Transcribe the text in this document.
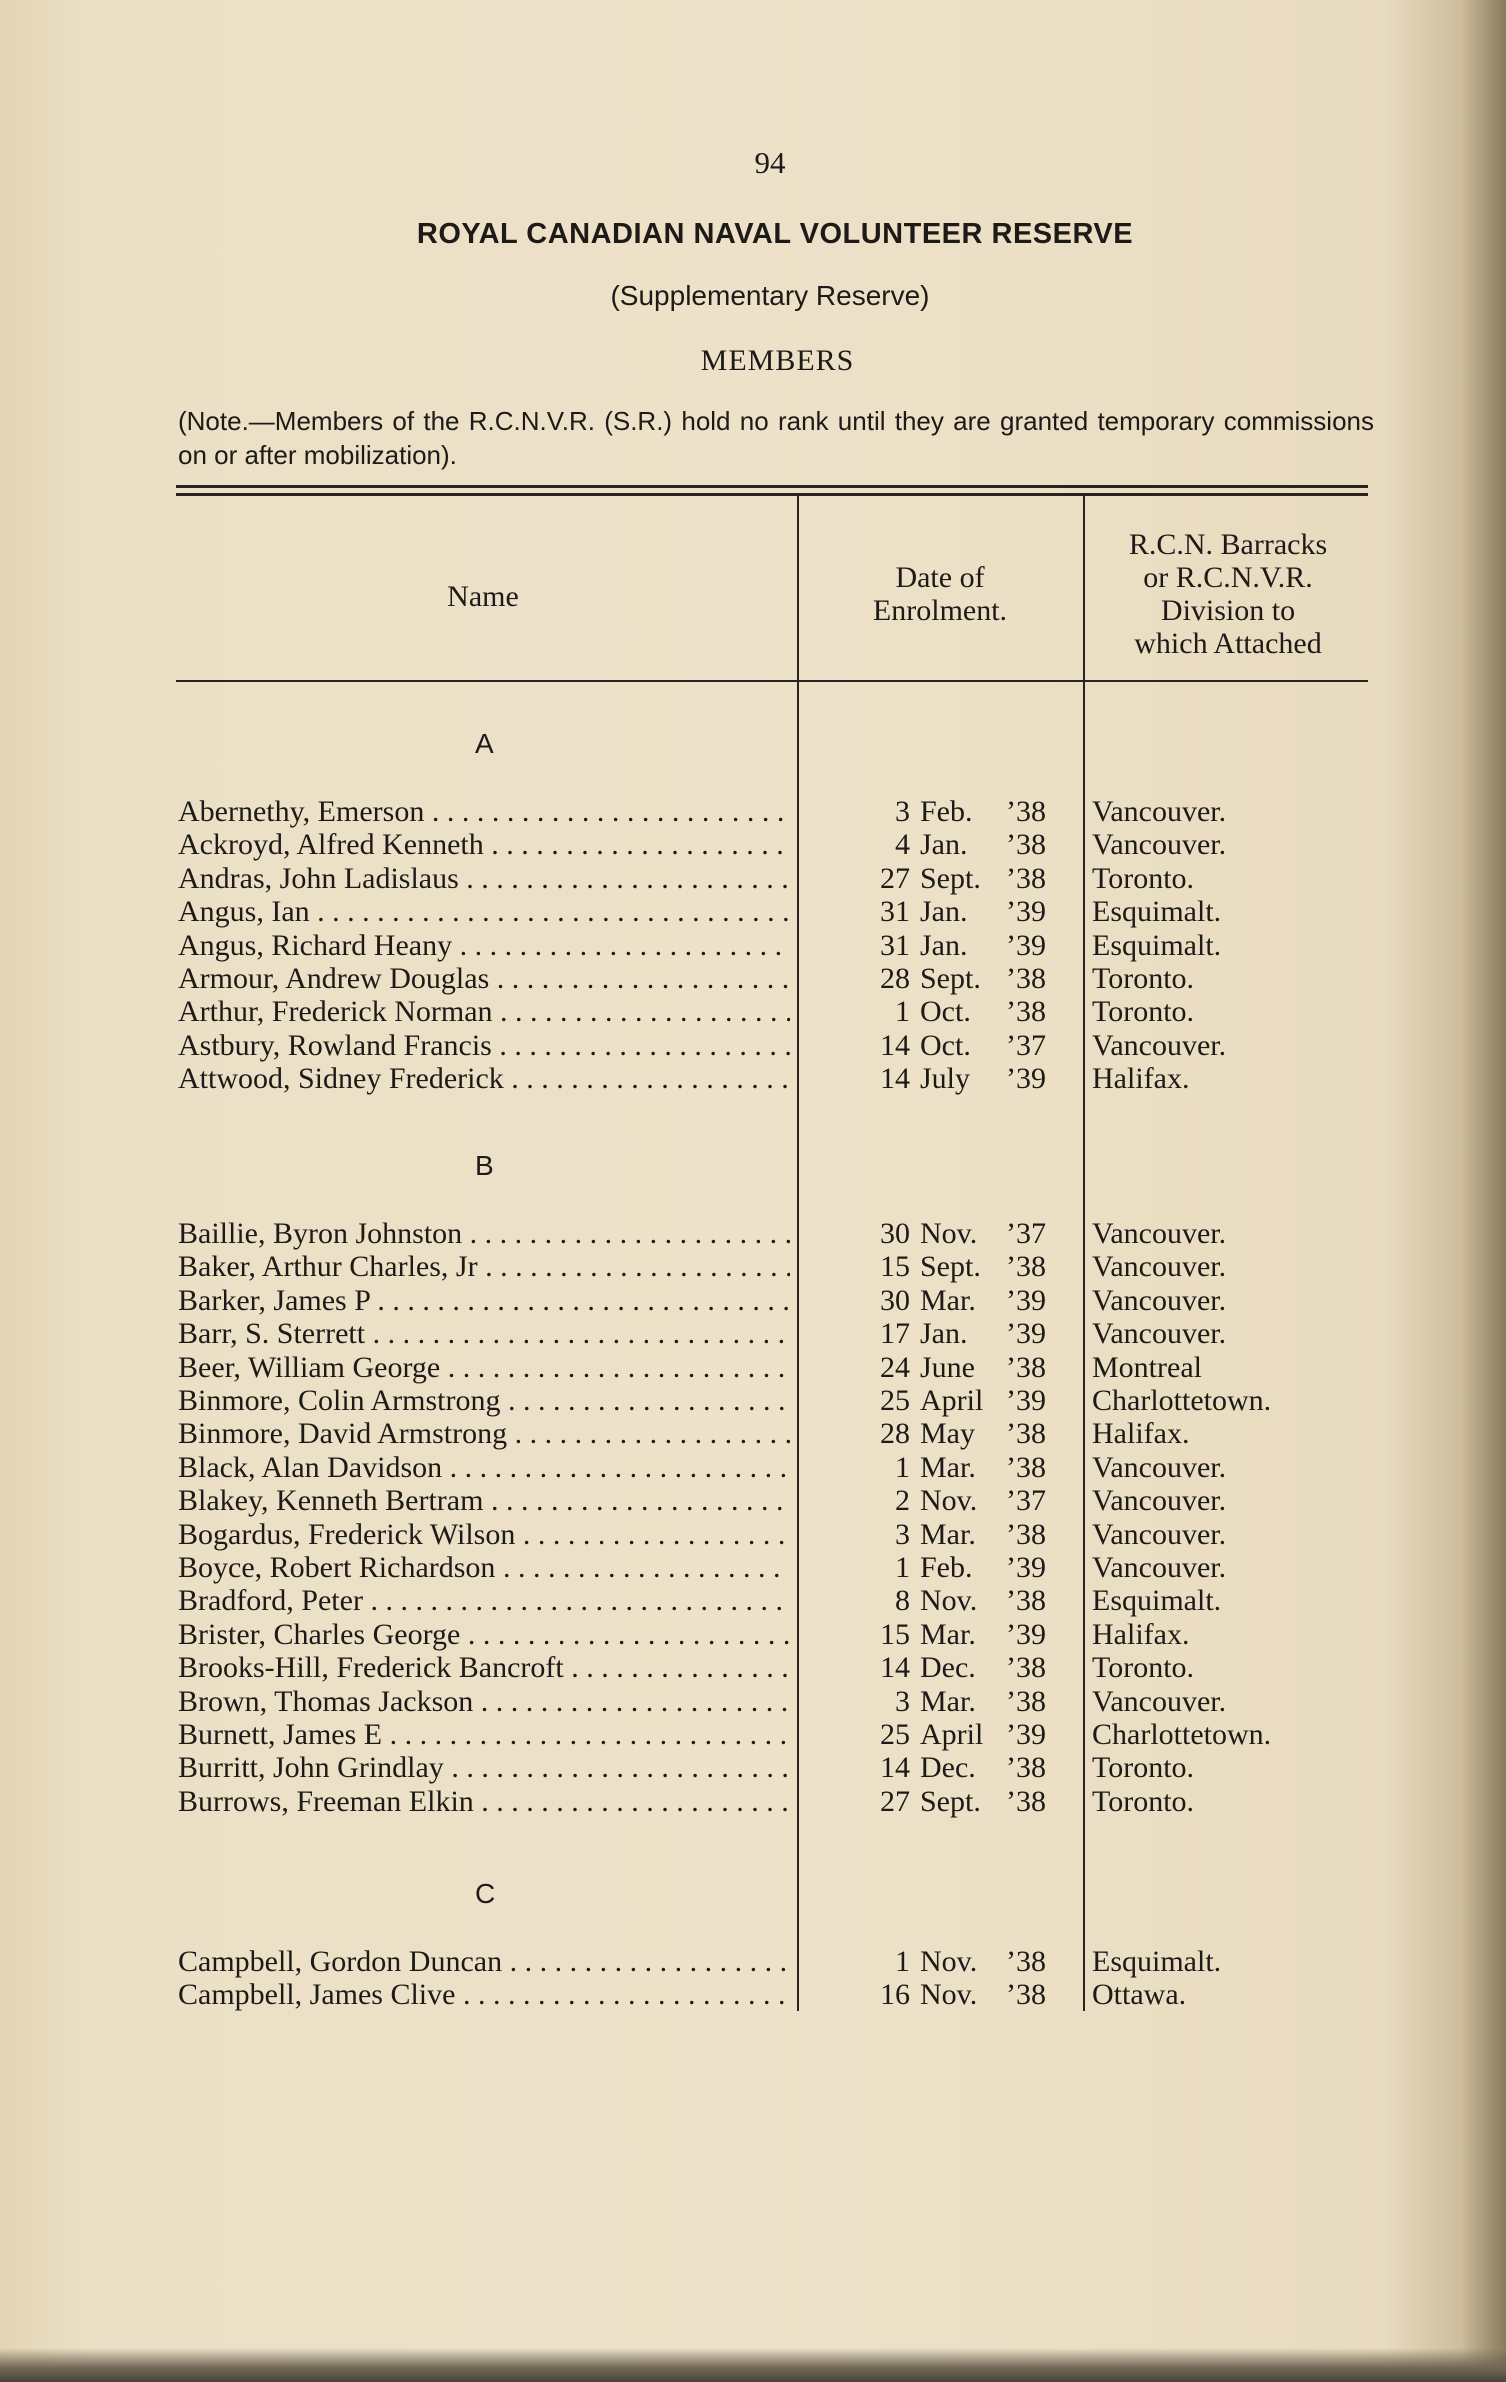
94
ROYAL CANADIAN NAVAL VOLUNTEER RESERVE
(Supplementary Reserve)
MEMBERS
(Note.—Members of the R.C.N.V.R. (S.R.) hold no rank until they are granted temporary commissions on or after mobilization).
Name
Date of
Enrolment.
R.C.N. Barracks
or R.C.N.V.R.
Division to
which Attached
A
Abernethy, Emerson . . .	3 Feb. ’38 Vancouver.
Ackroyd, Alfred Kenneth . . .	4 Jan. ’38 Vancouver.
Andras, John Ladislaus . . .	27 Sept. ’38 Toronto.
Angus, Ian . . .	31 Jan. ’39 Esquimalt.
Angus, Richard Heany . . .	31 Jan. ’39 Esquimalt.
Armour, Andrew Douglas . . .	28 Sept. ’38 Toronto.
Arthur, Frederick Norman . . .	1 Oct. ’38 Toronto.
Astbury, Rowland Francis . . .	14 Oct. ’37 Vancouver.
Attwood, Sidney Frederick . . .	14 July ’39 Halifax.
B
Baillie, Byron Johnston . . .	30 Nov. ’37 Vancouver.
Baker, Arthur Charles, Jr . . .	15 Sept. ’38 Vancouver.
Barker, James P . . .	30 Mar. ’39 Vancouver.
Barr, S. Sterrett . . .	17 Jan. ’39 Vancouver.
Beer, William George . . .	24 June ’38 Montreal
Binmore, Colin Armstrong . . .	25 April ’39 Charlottetown.
Binmore, David Armstrong . . .	28 May ’38 Halifax.
Black, Alan Davidson . . .	1 Mar. ’38 Vancouver.
Blakey, Kenneth Bertram . . .	2 Nov. ’37 Vancouver.
Bogardus, Frederick Wilson . . .	3 Mar. ’38 Vancouver.
Boyce, Robert Richardson . . .	1 Feb. ’39 Vancouver.
Bradford, Peter . . .	8 Nov. ’38 Esquimalt.
Brister, Charles George . . .	15 Mar. ’39 Halifax.
Brooks-Hill, Frederick Bancroft . . .	14 Dec. ’38 Toronto.
Brown, Thomas Jackson . . .	3 Mar. ’38 Vancouver.
Burnett, James E . . .	25 April ’39 Charlottetown.
Burritt, John Grindlay . . .	14 Dec. ’38 Toronto.
Burrows, Freeman Elkin . . .	27 Sept. ’38 Toronto.
C
Campbell, Gordon Duncan . . .	1 Nov. ’38 Esquimalt.
Campbell, James Clive . . .	16 Nov. ’38 Ottawa.
